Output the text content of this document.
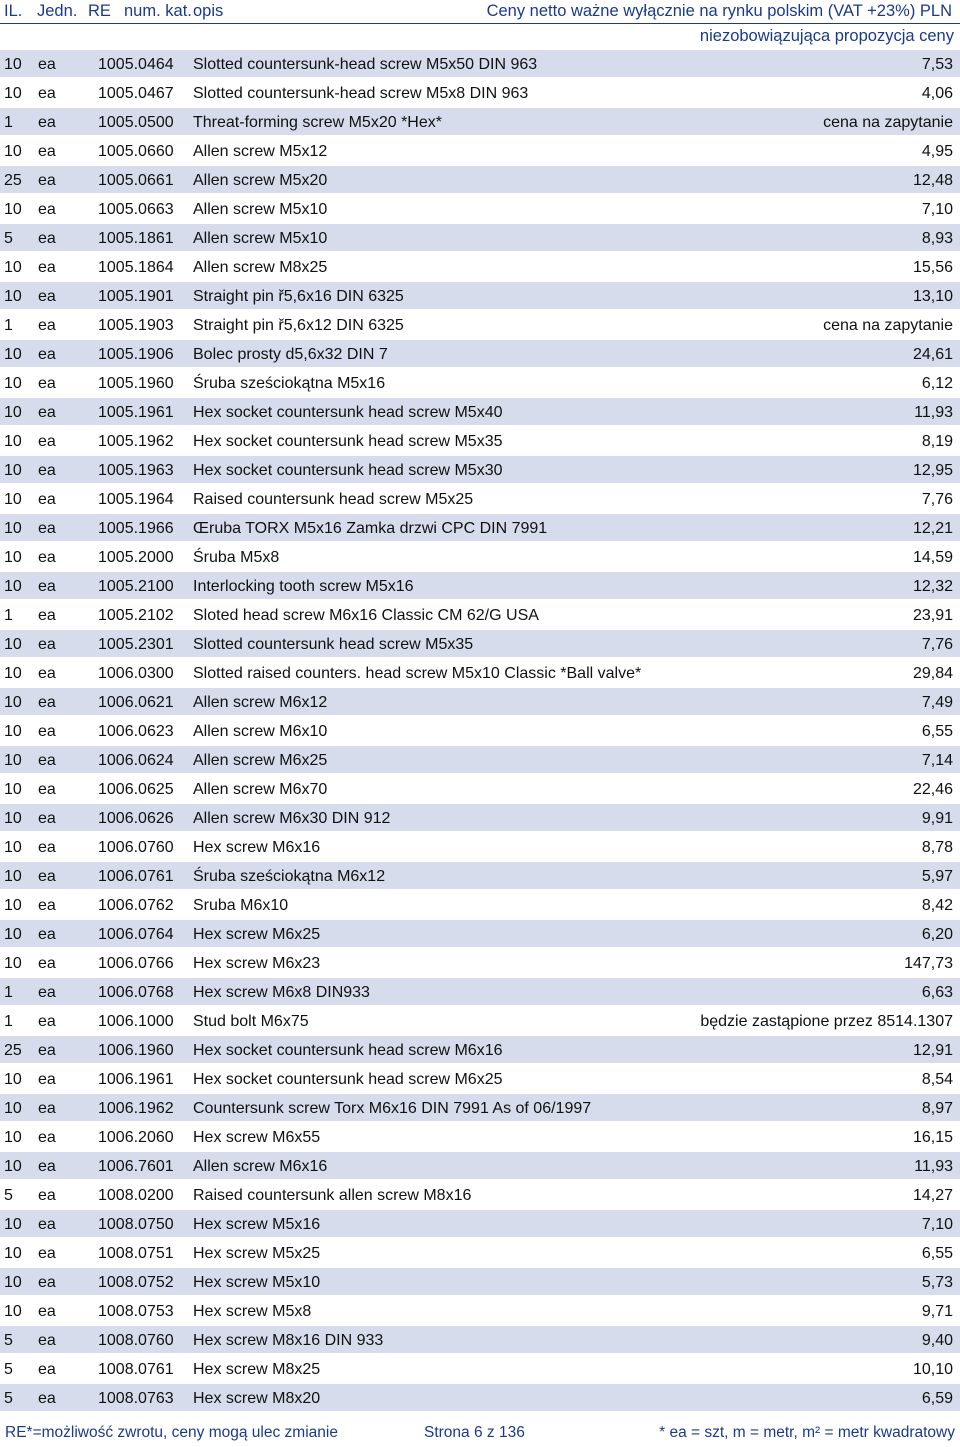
IL. Jedn. RE num. kat. opis	Ceny netto ważne wyłącznie na rynku polskim (VAT +23%) PLN
niezobowiązująca propozycja ceny
10 ea	1005.0464 Slotted countersunk-head screw M5x50 DIN 963	7,53
10 ea	1005.0467 Slotted countersunk-head screw M5x8 DIN 963	4,06
1 ea	1005.0500 Threat-forming screw M5x20 *Hex*	cena na zapytanie
10 ea	1005.0660 Allen screw M5x12	4,95
25 ea	1005.0661 Allen screw M5x20	12,48
10 ea	1005.0663 Allen screw M5x10	7,10
5 ea	1005.1861 Allen screw M5x10	8,93
10 ea	1005.1864 Allen screw M8x25	15,56
10 ea	1005.1901 Straight pin ř5,6x16 DIN 6325	13,10
1 ea	1005.1903 Straight pin ř5,6x12 DIN 6325	cena na zapytanie
10 ea	1005.1906 Bolec prosty d5,6x32 DIN 7	24,61
10 ea	1005.1960 Śruba sześciokątna M5x16	6,12
10 ea	1005.1961 Hex socket countersunk head screw M5x40	11,93
10 ea	1005.1962 Hex socket countersunk head screw M5x35	8,19
10 ea	1005.1963 Hex socket countersunk head screw M5x30	12,95
10 ea	1005.1964 Raised countersunk head screw M5x25	7,76
10 ea	1005.1966 Œruba TORX M5x16 Zamka drzwi CPC DIN 7991	12,21
10 ea	1005.2000 Śruba M5x8	14,59
10 ea	1005.2100 Interlocking tooth screw M5x16	12,32
1 ea	1005.2102 Sloted head screw M6x16 Classic CM 62/G USA	23,91
10 ea	1005.2301 Slotted countersunk head screw M5x35	7,76
10 ea	1006.0300 Slotted raised counters. head screw M5x10 Classic *Ball valve*	29,84
10 ea	1006.0621 Allen screw M6x12	7,49
10 ea	1006.0623 Allen screw M6x10	6,55
10 ea	1006.0624 Allen screw M6x25	7,14
10 ea	1006.0625 Allen screw M6x70	22,46
10 ea	1006.0626 Allen screw M6x30 DIN 912	9,91
10 ea	1006.0760 Hex screw M6x16	8,78
10 ea	1006.0761 Śruba sześciokątna M6x12	5,97
10 ea	1006.0762 Sruba M6x10	8,42
10 ea	1006.0764 Hex screw M6x25	6,20
10 ea	1006.0766 Hex screw M6x23	147,73
1 ea	1006.0768 Hex screw M6x8 DIN933	6,63
1 ea	1006.1000 Stud bolt M6x75	będzie zastąpione przez 8514.1307
25 ea	1006.1960 Hex socket countersunk head screw M6x16	12,91
10 ea	1006.1961 Hex socket countersunk head screw M6x25	8,54
10 ea	1006.1962 Countersunk screw Torx M6x16 DIN 7991 As of 06/1997	8,97
10 ea	1006.2060 Hex screw M6x55	16,15
10 ea	1006.7601 Allen screw M6x16	11,93
5 ea	1008.0200 Raised countersunk allen screw M8x16	14,27
10 ea	1008.0750 Hex screw M5x16	7,10
10 ea	1008.0751 Hex screw M5x25	6,55
10 ea	1008.0752 Hex screw M5x10	5,73
10 ea	1008.0753 Hex screw M5x8	9,71
5 ea	1008.0760 Hex screw M8x16 DIN 933	9,40
5 ea	1008.0761 Hex screw M8x25	10,10
5 ea	1008.0763 Hex screw M8x20	6,59
RE*=możliwość zwrotu, ceny mogą ulec zmianie	Strona 6 z 136	* ea = szt, m = metr, m² = metr kwadratowy
